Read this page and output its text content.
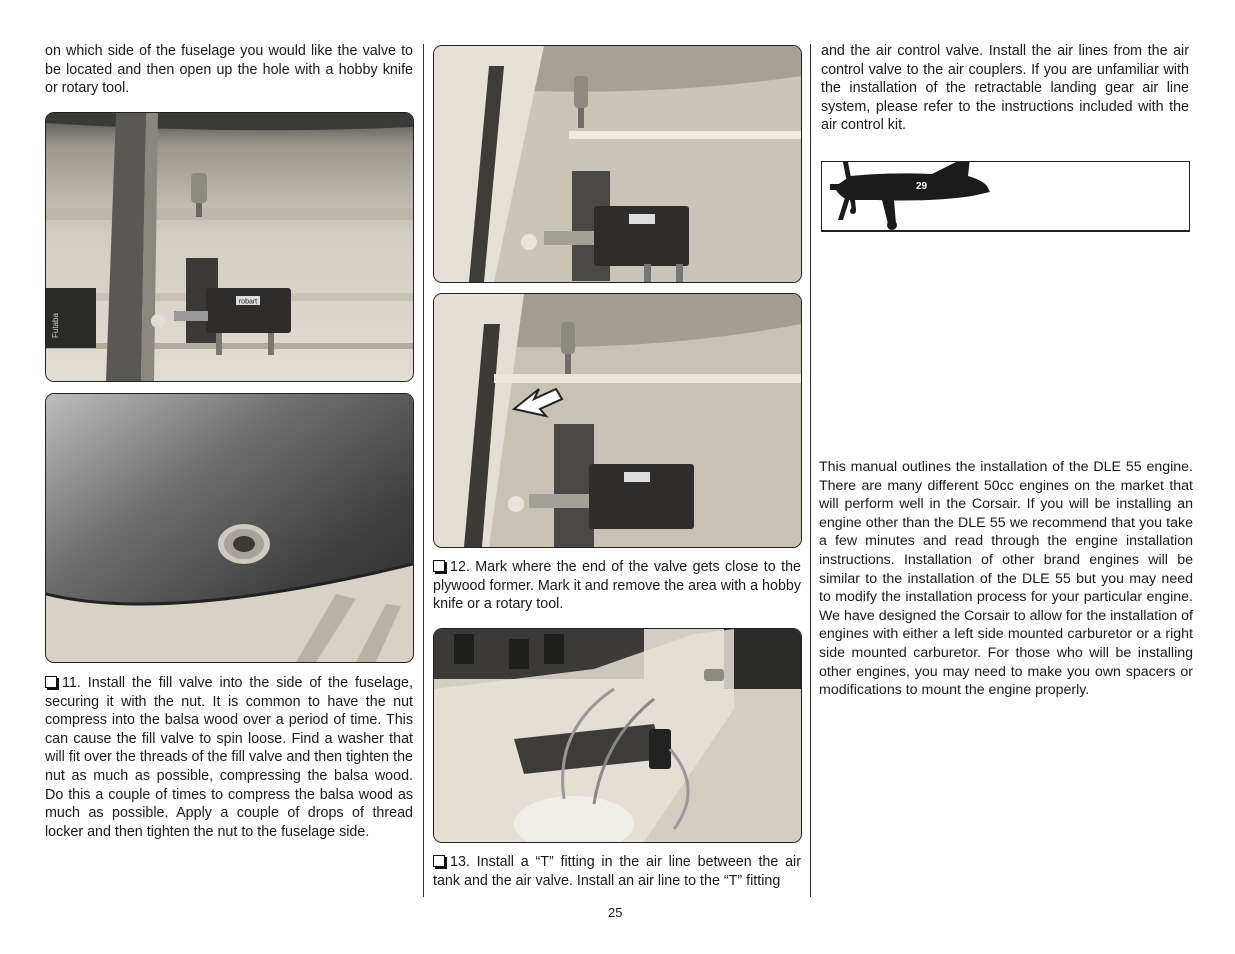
on which side of the fuselage you would like the valve to be located and then open up the hole with a hobby knife or rotary tool.

robart
Futaba

11. Install the fill valve into the side of the fuselage, securing it with the nut. It is common to have the nut compress into the balsa wood over a period of time. This can cause the fill valve to spin loose. Find a washer that will fit over the threads of the fill valve and then tighten the nut as much as possible, compressing the balsa wood. Do this a couple of times to compress the balsa wood as much as possible. Apply a couple of drops of thread locker and then tighten the nut to the fuselage side.

12. Mark where the end of the valve gets close to the plywood former. Mark it and remove the area with a hobby knife or a rotary tool.

13. Install a “T” fitting in the air line between the air tank and the air valve. Install an air line to the “T” fitting

and the air control valve. Install the air lines from the air control valve to the air couplers. If you are unfamiliar with the installation of the retractable landing gear air line system, please refer to the instructions included with the air control kit.

29

This manual outlines the installation of the DLE 55 engine. There are many different 50cc engines on the market that will perform well in the Corsair. If you will be installing an engine other than the DLE 55 we recommend that you take a few minutes and read through the engine installation instructions. Installation of other brand engines will be similar to the installation of the DLE 55 but you may need to modify the installation process for your particular engine. We have designed the Corsair to allow for the installation of engines with either a left side mounted carburetor or a right side mounted carburetor. For those who will be installing other engines, you may need to make you own spacers or modifications to mount the engine properly.

25
